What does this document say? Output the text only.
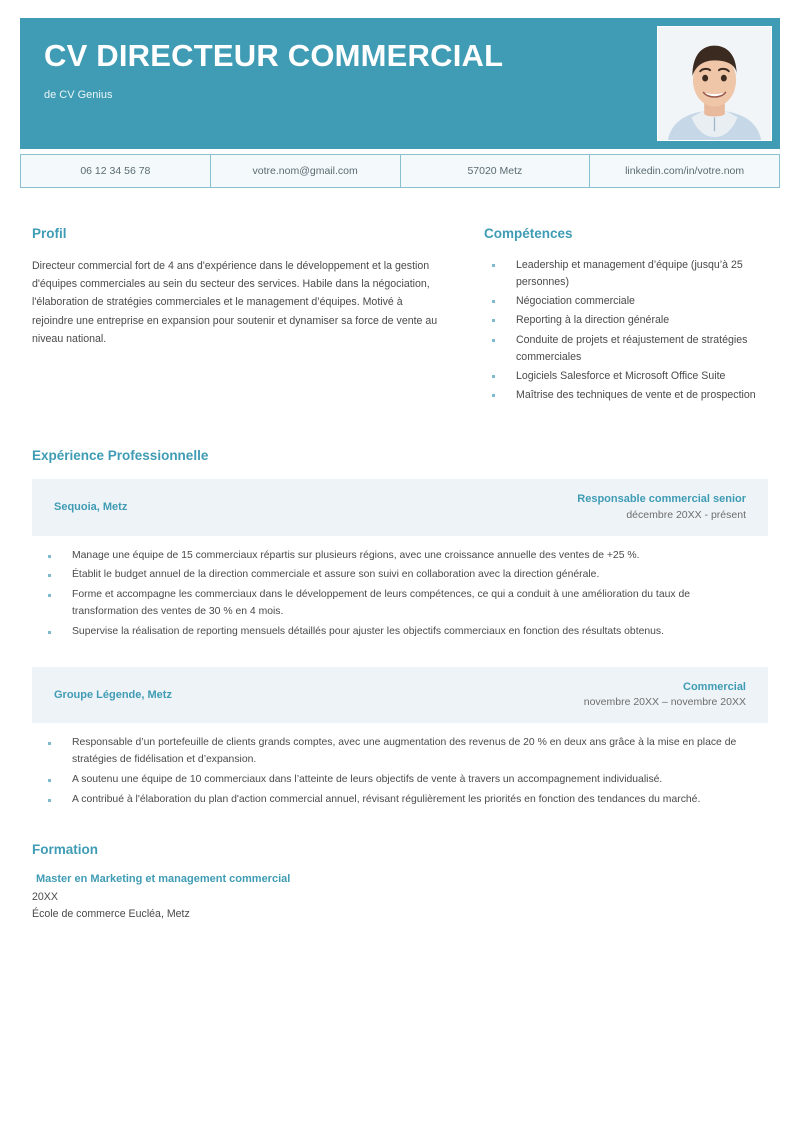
CV DIRECTEUR COMMERCIAL
de CV Genius
06 12 34 56 78	votre.nom@gmail.com	57020 Metz	linkedin.com/in/votre.nom
Profil
Directeur commercial fort de 4 ans d'expérience dans le développement et la gestion d'équipes commerciales au sein du secteur des services. Habile dans la négociation, l'élaboration de stratégies commerciales et le management d’équipes. Motivé à rejoindre une entreprise en expansion pour soutenir et dynamiser sa force de vente au niveau national.
Compétences
Leadership et management d’équipe (jusqu’à 25 personnes)
Négociation commerciale
Reporting à la direction générale
Conduite de projets et réajustement de stratégies commerciales
Logiciels Salesforce et Microsoft Office Suite
Maîtrise des techniques de vente et de prospection
Expérience Professionnelle
Sequoia, Metz
Responsable commercial senior
décembre 20XX - présent
Manage une équipe de 15 commerciaux répartis sur plusieurs régions, avec une croissance annuelle des ventes de +25 %.
Établit le budget annuel de la direction commerciale et assure son suivi en collaboration avec la direction générale.
Forme et accompagne les commerciaux dans le développement de leurs compétences, ce qui a conduit à une amélioration du taux de transformation des ventes de 30 % en 4 mois.
Supervise la réalisation de reporting mensuels détaillés pour ajuster les objectifs commerciaux en fonction des résultats obtenus.
Groupe Légende, Metz
Commercial
novembre 20XX – novembre 20XX
Responsable d’un portefeuille de clients grands comptes, avec une augmentation des revenus de 20 % en deux ans grâce à la mise en place de stratégies de fidélisation et d’expansion.
A soutenu une équipe de 10 commerciaux dans l’atteinte de leurs objectifs de vente à travers un accompagnement individualisé.
A contribué à l'élaboration du plan d'action commercial annuel, révisant régulièrement les priorités en fonction des tendances du marché.
Formation
Master en Marketing et management commercial
20XX
École de commerce Eucléa, Metz
